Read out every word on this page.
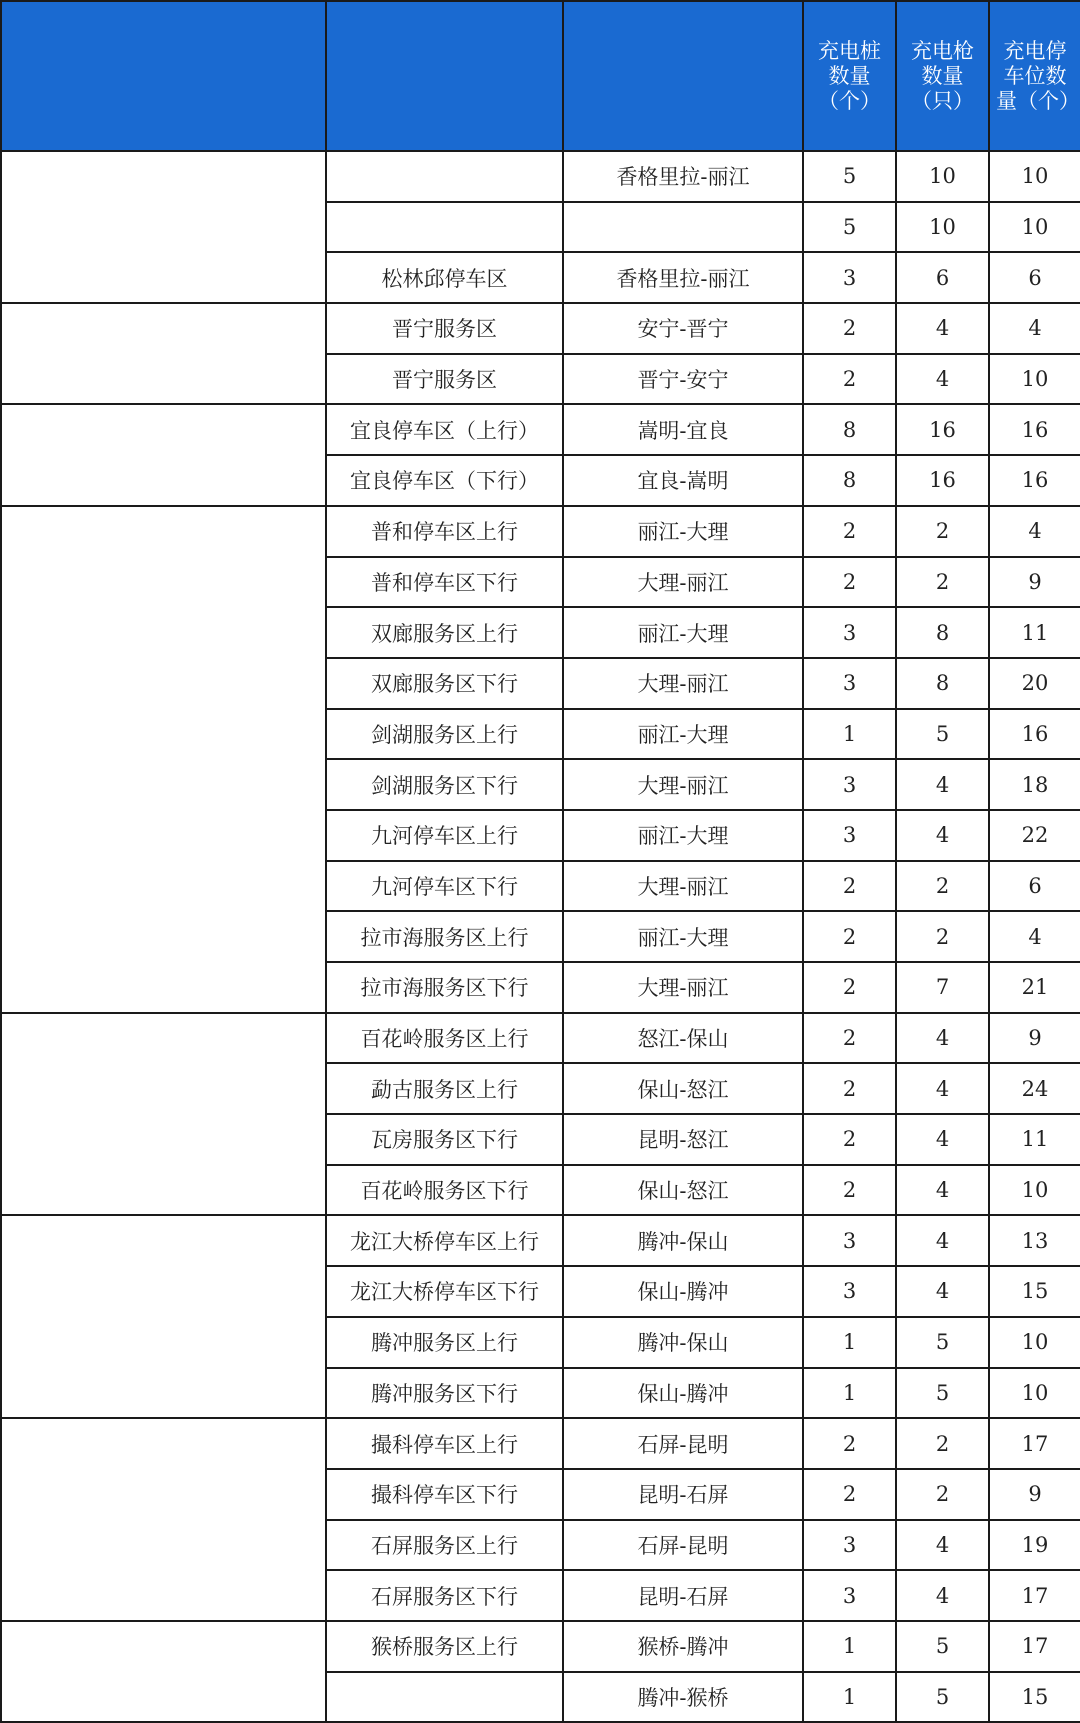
			充电桩数量（个）	充电枪数量（只）	充电停车位数量（个）
		香格里拉-丽江	5	10	10
			5	10	10
	松林邱停车区	香格里拉-丽江	3	6	6
	晋宁服务区	安宁-晋宁	2	4	4
	晋宁服务区	晋宁-安宁	2	4	10
	宜良停车区（上行）	嵩明-宜良	8	16	16
	宜良停车区（下行）	宜良-嵩明	8	16	16
	普和停车区上行	丽江-大理	2	2	4
	普和停车区下行	大理-丽江	2	2	9
	双廊服务区上行	丽江-大理	3	8	11
	双廊服务区下行	大理-丽江	3	8	20
	剑湖服务区上行	丽江-大理	1	5	16
	剑湖服务区下行	大理-丽江	3	4	18
	九河停车区上行	丽江-大理	3	4	22
	九河停车区下行	大理-丽江	2	2	6
	拉市海服务区上行	丽江-大理	2	2	4
	拉市海服务区下行	大理-丽江	2	7	21
	百花岭服务区上行	怒江-保山	2	4	9
	勐古服务区上行	保山-怒江	2	4	24
	瓦房服务区下行	昆明-怒江	2	4	11
	百花岭服务区下行	保山-怒江	2	4	10
	龙江大桥停车区上行	腾冲-保山	3	4	13
	龙江大桥停车区下行	保山-腾冲	3	4	15
	腾冲服务区上行	腾冲-保山	1	5	10
	腾冲服务区下行	保山-腾冲	1	5	10
	撮科停车区上行	石屏-昆明	2	2	17
	撮科停车区下行	昆明-石屏	2	2	9
	石屏服务区上行	石屏-昆明	3	4	19
	石屏服务区下行	昆明-石屏	3	4	17
	猴桥服务区上行	猴桥-腾冲	1	5	17
		腾冲-猴桥	1	5	15
